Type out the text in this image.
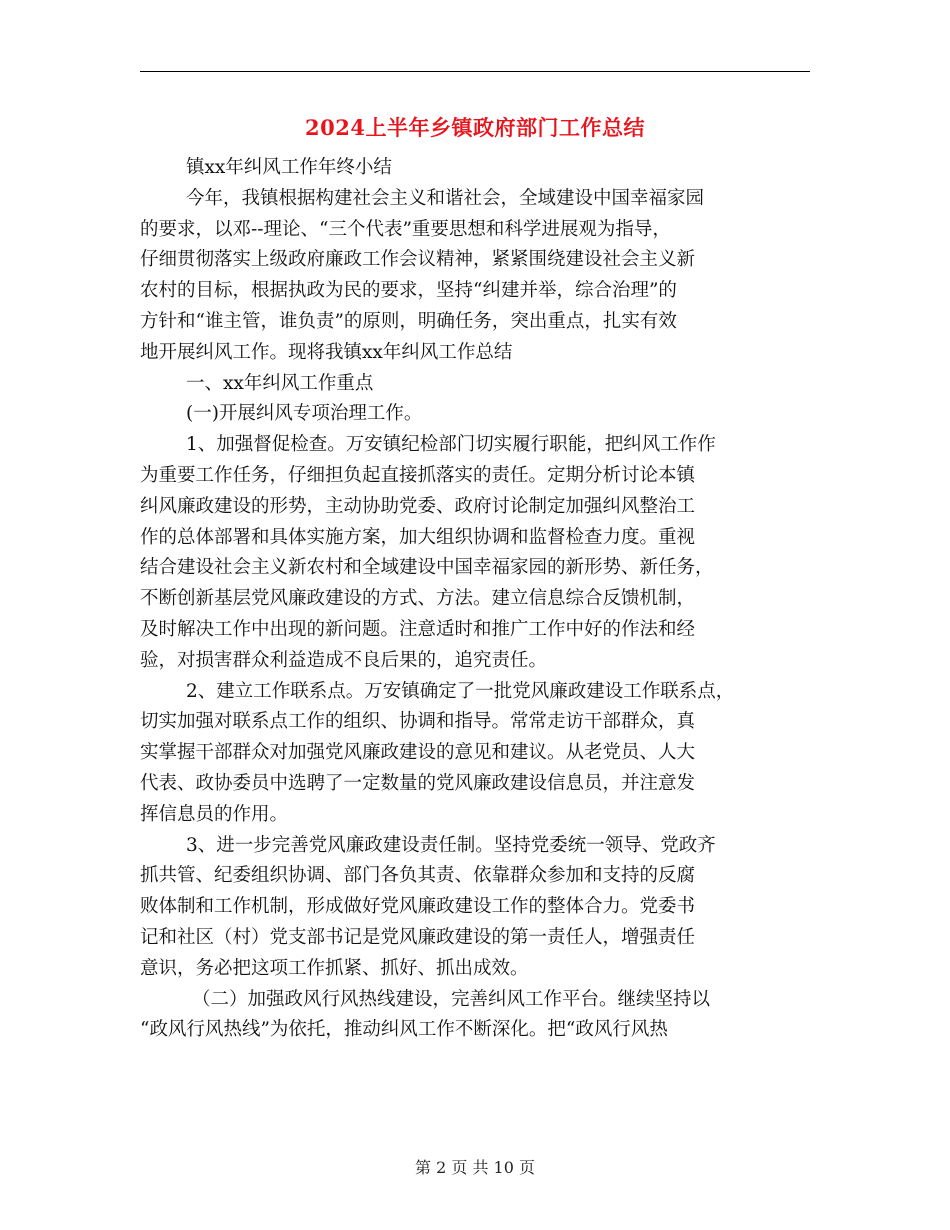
2024上半年乡镇政府部门工作总结
镇xx年纠风工作年终小结
今年，我镇根据构建社会主义和谐社会，全域建设中国幸福家园
的要求，以邓--理论、“三个代表”重要思想和科学进展观为指导，
仔细贯彻落实上级政府廉政工作会议精神，紧紧围绕建设社会主义新
农村的目标，根据执政为民的要求，坚持“纠建并举，综合治理”的
方针和“谁主管，谁负责”的原则，明确任务，突出重点，扎实有效
地开展纠风工作。现将我镇xx年纠风工作总结
一、xx年纠风工作重点
(一)开展纠风专项治理工作。
1、加强督促检查。万安镇纪检部门切实履行职能，把纠风工作作
为重要工作任务，仔细担负起直接抓落实的责任。定期分析讨论本镇
纠风廉政建设的形势，主动协助党委、政府讨论制定加强纠风整治工
作的总体部署和具体实施方案，加大组织协调和监督检查力度。重视
结合建设社会主义新农村和全域建设中国幸福家园的新形势、新任务，
不断创新基层党风廉政建设的方式、方法。建立信息综合反馈机制，
及时解决工作中出现的新问题。注意适时和推广工作中好的作法和经
验，对损害群众利益造成不良后果的，追究责任。
2、建立工作联系点。万安镇确定了一批党风廉政建设工作联系点，
切实加强对联系点工作的组织、协调和指导。常常走访干部群众，真
实掌握干部群众对加强党风廉政建设的意见和建议。从老党员、人大
代表、政协委员中选聘了一定数量的党风廉政建设信息员，并注意发
挥信息员的作用。
3、进一步完善党风廉政建设责任制。坚持党委统一领导、党政齐
抓共管、纪委组织协调、部门各负其责、依靠群众参加和支持的反腐
败体制和工作机制，形成做好党风廉政建设工作的整体合力。党委书
记和社区（村）党支部书记是党风廉政建设的第一责任人，增强责任
意识，务必把这项工作抓紧、抓好、抓出成效。
（二）加强政风行风热线建设，完善纠风工作平台。继续坚持以
“政风行风热线”为依托，推动纠风工作不断深化。把“政风行风热
第 2 页 共 10 页
